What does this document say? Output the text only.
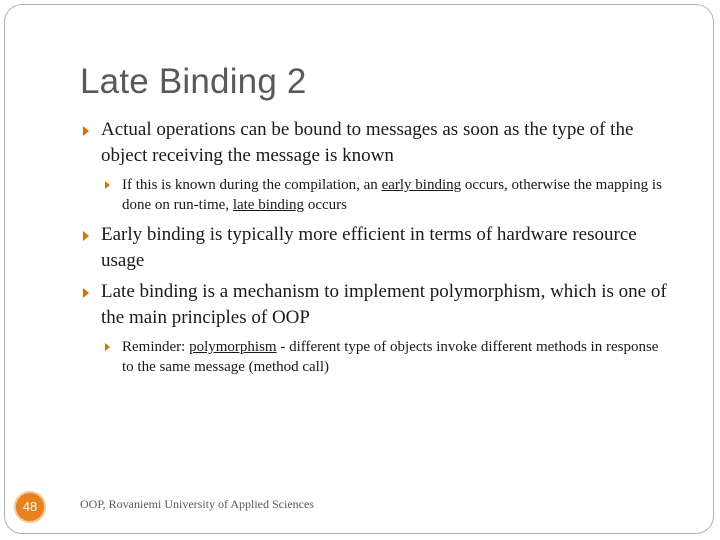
Late Binding 2
Actual operations can be bound to messages as soon as the type of the object receiving the message is known
If this is known during the compilation, an early binding occurs, otherwise the mapping is done on run-time, late binding occurs
Early binding is typically more efficient in terms of hardware resource usage
Late binding is a mechanism to implement polymorphism, which is one of the main principles of OOP
Reminder: polymorphism - different type of objects invoke different methods in response to the same message (method call)
48	OOP, Rovaniemi University of Applied Sciences
